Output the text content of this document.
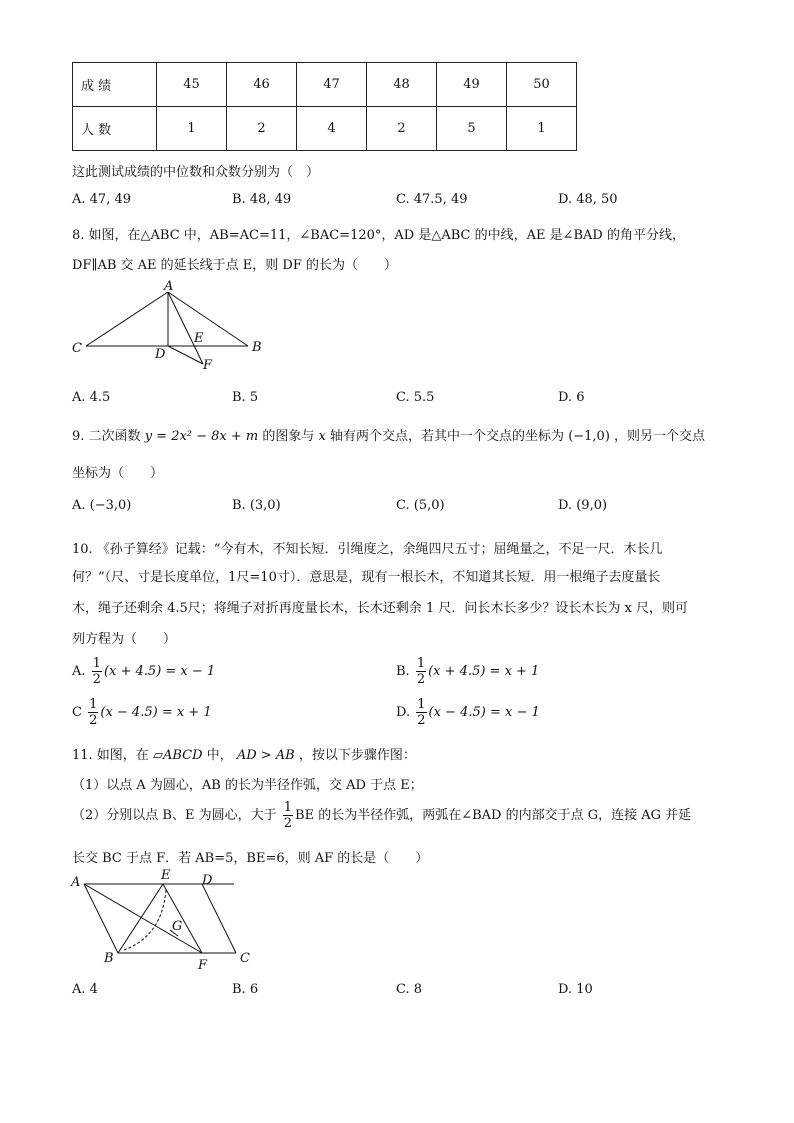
成 绩	45	46	47	48	49	50
人 数	1	2	4	2	5	1
这此测试成绩的中位数和众数分别为（　）
A. 47, 49	B. 48, 49	C. 47.5, 49	D. 48, 50
8. 如图，在△ABC 中，AB=AC=11，∠BAC=120°，AD 是△ABC 的中线，AE 是∠BAD 的角平分线，
DF∥AB 交 AE 的延长线于点 E，则 DF 的长为（　　）
A
B
C	D
E
F
A. 4.5	B. 5	C. 5.5	D. 6
9. 二次函数 y = 2x² − 8x + m 的图象与 x 轴有两个交点，若其中一个交点的坐标为 (−1,0) ，则另一个交点
坐标为（　　）
A. (−3,0)	B. (3,0)	C. (5,0)	D. (9,0)
10. 《孙子算经》记载：“今有木，不知长短．引绳度之，余绳四尺五寸；屈绳量之，不足一尺．木长几
何？”（尺、寸是长度单位，1尺=10寸）．意思是，现有一根长木，不知道其长短．用一根绳子去度量长
木，绳子还剩余 4.5尺；将绳子对折再度量长木，长木还剩余 1 尺．问长木长多少？设长木长为 x 尺，则可
列方程为（　　）
A. $\frac{1}{2} (x + 4.5) = x - 1$	B. $\frac{1}{2} (x + 4.5) = x + 1$
C $\frac{1}{2} (x - 4.5) = x + 1$	D. $\frac{1}{2} (x - 4.5) = x - 1$
11. 如图，在 ▱ABCD 中， AD > AB ，按以下步骤作图：
（1）以点 A 为圆心，AB 的长为半径作弧，交 AD 于点 E；
（2）分别以点 B、E 为圆心，大于 $\frac{1}{2}$ BE 的长为半径作弧，两弧在∠BAD 的内部交于点 G，连接 AG 并延
长交 BC 于点 F．若 AB=5，BE=6，则 AF 的长是（　　）
A
B	C
D
E
F
G
A. 4	B. 6	C. 8	D. 10
